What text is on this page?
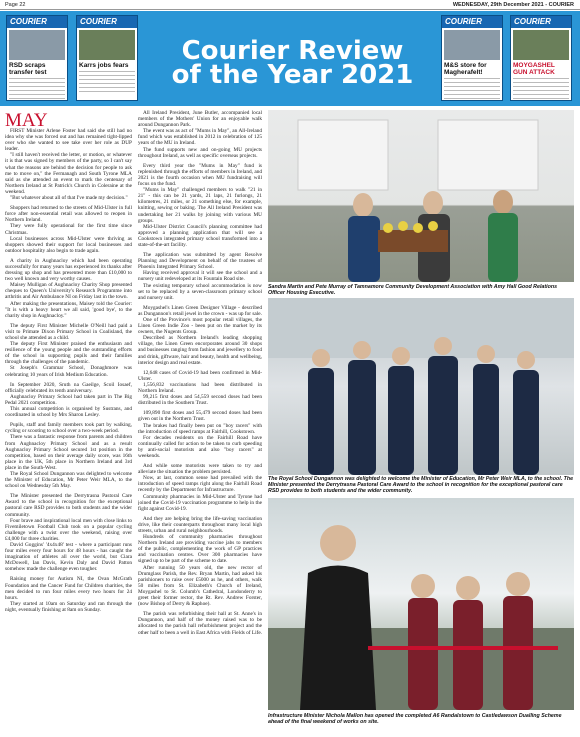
Page 22	WEDNESDAY, 29th December 2021 - COURIER
COURIER
RSD scraps transfer test
COURIER
Karrs jobs fears	Courier Review
of the Year 2021
COURIER
M&S store for Magherafelt!
COURIER
MOYGASHEL GUN ATTACK
MAY

FIRST Minister Arlene Foster had said she still had no idea why she was forced out and has remained tight-lipped over who she wanted to see take over her role as DUP leader.

"I still haven't received the letter, or motion, or whatever it is that was signed by members of the party, so I can't say what the reasons are behind the decision for people to ask me to move on," the Fermanagh and South Tyrone MLA said as she attended an event to mark the centenary of Northern Ireland at St Patrick's Church in Coleraine at the weekend.

"But whatever about all of that I've made my decision."

Shoppers had returned to the streets of Mid-Ulster in full force after non-essential retail was allowed to reopen in Northern Ireland.

They were fully operational for the first time since Christmas.

Local businesses across Mid-Ulster were thriving as shoppers showed their support for local businesses and outdoor hospitality also begin to trade again.

A charity in Aughnacloy which had been operating successfully for many years has experienced its thanks after dressing up shop and has presented more than £10,000 to two well known and very worthy causes.

Maisey Mulligan of Aughnacloy Charity Shop presented cheques to Queen's University's Research Programme into arthritis and Air Ambulance NI on Friday last in the town.

After making the presentations, Maisey told the Courier: "It is with a heavy heart we all said, 'good bye', to the charity shop in Aughnacloy."

The deputy First Minister Michelle O'Neill had paid a visit to Primate Dixon Primary School in Coalisland, the school she attended as a child.

The deputy First Minister praised the enthusiasm and resilience of the young people and the outstanding efforts of the school in supporting pupils and their families through the challenges of the pandemic.

St Joseph's Grammar School, Donaghmore was celebrating 10 years of Irish Medium Education.

In September 2020, Sruth na Gaeilge, Scoil Iosaef, officially celebrated its tenth anniversary.

Aughnacloy Primary School had taken part in The Big Pedal 2021 competition.

This annual competition is organised by Sustrans, and coordinated in school by Mrs Sharon Lesley.

Pupils, staff and family members took part by walking, cycling or scooting to school over a two-week period.

There was a fantastic response from parents and children from Aughnacloy Primary School and as a result Aughnacloy Primary School secured 1st position in the competition, based on their average daily score, was 16th place in the UK, 5th place in Northern Ireland and 3rd place in the South-West.

The Royal School Dungannon was delighted to welcome the Minister of Education, Mr Peter Weir MLA, to the school on Wednesday 5th May.

The Minister presented the Derrytrasna Pastoral Care Award to the school in recognition for the exceptional pastoral care RSD provides to both students and the wider community.

Four brave and inspirational local men with close links to Fivemiletown Football Club took on a popular cycling challenge with a twist over the weekend, raising over £4,000 for three charities.

David Goggins' '4x4x48' test - where a participant runs four miles every four hours for 48 hours - has caught the imagination of athletes all over the world, but Ciara McDowell, Ian Davis, Kevin Daly and David Patton somehow made the challenge even tougher.

Raising money for Autism NI, the Ovan McGrath Foundation and the Cancer Fund for Children charities, the men decided to run four miles every two hours for 24 hours.

They started at 10am on Saturday and ran through the night, eventually finishing at 8am on Sunday.

All Ireland President, June Butler, accompanied local members of the Mothers' Union for an enjoyable walk around Dungannon Park.

The event was as act of "Mums in May", an All-Ireland fund which was established in 2012 in celebration of 125 years of the MU in Ireland.

The fund supports new and on-going MU projects throughout Ireland, as well as specific overseas projects.

Every third year the "Mums in May" fund is replenished through the efforts of members in Ireland, and 2021 is the fourth occasion when MU fundraising will focus on the fund.

"Mums in May" challenged members to walk "21 in 21" - this can be 21 yards, 21 laps, 21 furlongs, 21 kilometres, 21 miles, or 21 something else, for example, knitting, sewing or baking. The All Ireland President was undertaking her 21 walks by joining with various MU groups.

Mid-Ulster District Council's planning committee had approved a planning application that will see a Cookstown integrated primary school transformed into a state-of-the-art facility.

The application was submitted by agent Resolve Planning and Development on behalf of the trustees of Phoenix Integrated Primary School.

Having received approval it will see the school and a nursery unit redeveloped at its Fountain Road site.

The existing temporary school accommodation is now set to be replaced by a seven-classroom primary school and nursery unit.

Moygashel's Linen Green Designer Village - described as Dungannon's retail jewel in the crown - was up for sale.

One of the Province's most popular retail villages, the Linen Green Indie Zoo - been put on the market by its owners, the Nugents Group.

Described as Northern Ireland's leading shopping village, the Linen Green encorporates around 30 shops and businesses ranging from fashion and jewellery to food and drink, giftware, hair and beauty, health and wellbeing, interior design and real estate.

12,648 cases of Covid-19 had been confirmed in Mid-Ulster.

1,556,832 vaccinations had been distributed in Northern Ireland.

99,215 first doses and 54,559 second doses had been distributed in the Southern Trust.

109,890 first doses and 55,479 second doses had been given out in the Northern Trust.

The brakes had finally been put on "boy racers" with the introduction of speed ramps at Fairhill, Cookstown.

For decades residents on the Fairhill Road have continually called for action to be taken to curb speeding by anti-social motorists and also "boy racers" at weekends.

And while some motorists were taken to try and alleviate the situation the problem persisted.

Now, at last, common sense had prevailed with the introduction of speed ramps right along the Fairhill Road recently by the Department for Infrastructure.

Community pharmacies in Mid-Ulster and Tyrone had joined the Covid-19 vaccination programme to help in the fight against Covid-19.

And they are helping bring the life-saving vaccination drive, like their counterparts throughout many local high streets, urban and rural neighbourhoods.

Hundreds of community pharmacies throughout Northern Ireland are providing vaccine jabs to members of the public, complementing the work of GP practices and vaccination centres. Over 300 pharmacies have signed up to be part of the scheme to date.

After running 50 years old, the new rector of Drumglass Parish, the Rev. Bryan Martin, had asked his parishioners to raise over £5000 as he, and others, walk 50 miles from St. Elizabeth's Church of Ireland, Moygashel to St. Columb's Cathedral, Londonderry to greet their former rector, the Rt. Rev. Andrew Forster, (now Bishop of Derry & Raphoe).

The parish was refurbishing their hall at St. Anne's in Dungannon, and half of the money raised was to be allocated to the parish hall refurbishment project and the other half to been a well in East Africa with Fields of Life.

Sandra Martin and Pete Murray of Tamnamore Community Development Association with Amy Hall Good Relations Officer Housing Executive.
The Royal School Dungannon was delighted to welcome the Minister of Education, Mr Peter Weir MLA, to the school. The Minister presented the Derrytrasna Pastoral Care Award to the school in recognition for the exceptional pastoral care RSD provides to both students and the wider community.
Infrastructure Minister Nichola Mallon has opened the completed A6 Randalstown to Castledawson Dualling Scheme ahead of the final weekend of works on site.
